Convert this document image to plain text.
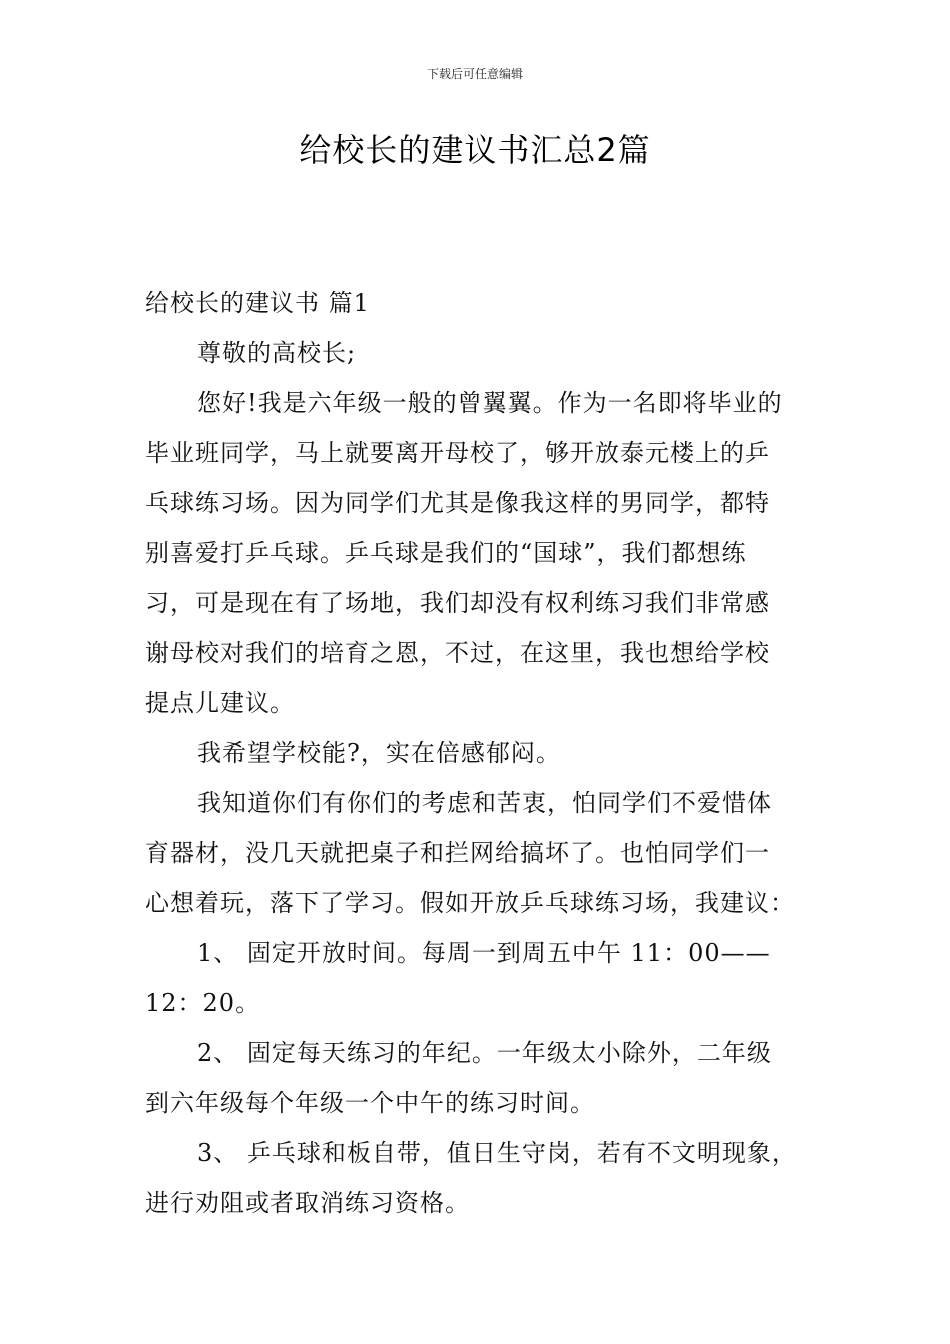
下载后可任意编辑
给校长的建议书汇总2篇
给校长的建议书 篇1
尊敬的高校长;
您好!我是六年级一般的曾翼翼。作为一名即将毕业的
毕业班同学，马上就要离开母校了，够开放泰元楼上的乒
乓球练习场。因为同学们尤其是像我这样的男同学，都特
别喜爱打乒乓球。乒乓球是我们的“国球”，我们都想练
习，可是现在有了场地，我们却没有权利练习我们非常感
谢母校对我们的培育之恩，不过，在这里，我也想给学校
提点儿建议。
我希望学校能?，实在倍感郁闷。
我知道你们有你们的考虑和苦衷，怕同学们不爱惜体
育器材，没几天就把桌子和拦网给搞坏了。也怕同学们一
心想着玩，落下了学习。假如开放乒乓球练习场，我建议：
1、 固定开放时间。每周一到周五中午 11：00——
12：20。
2、 固定每天练习的年纪。一年级太小除外，二年级
到六年级每个年级一个中午的练习时间。
3、 乒乓球和板自带，值日生守岗，若有不文明现象，
进行劝阻或者取消练习资格。
